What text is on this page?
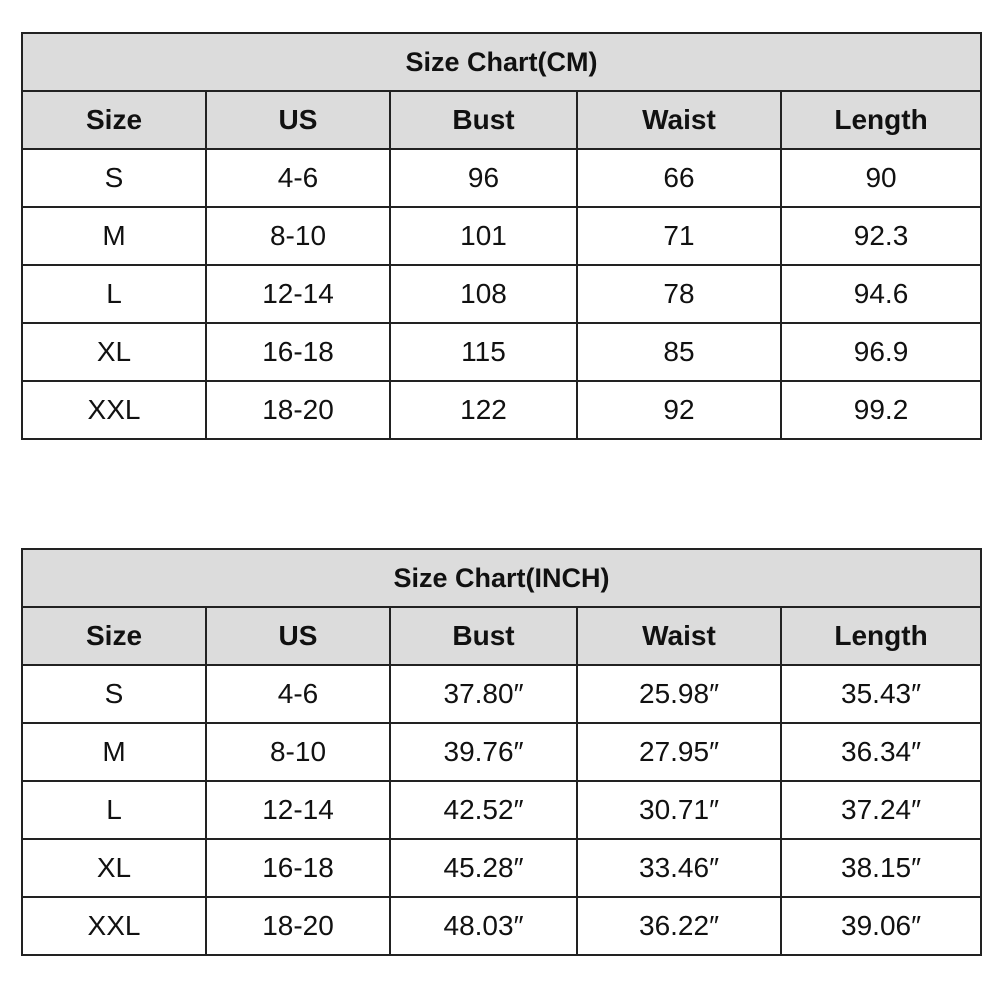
Size Chart(CM)				
Size	US	Bust	Waist	Length
S	4-6	96	66	90
M	8-10	101	71	92.3
L	12-14	108	78	94.6
XL	16-18	115	85	96.9
XXL	18-20	122	92	99.2
Size Chart(INCH)				
Size	US	Bust	Waist	Length
S	4-6	37.80″	25.98″	35.43″
M	8-10	39.76″	27.95″	36.34″
L	12-14	42.52″	30.71″	37.24″
XL	16-18	45.28″	33.46″	38.15″
XXL	18-20	48.03″	36.22″	39.06″
